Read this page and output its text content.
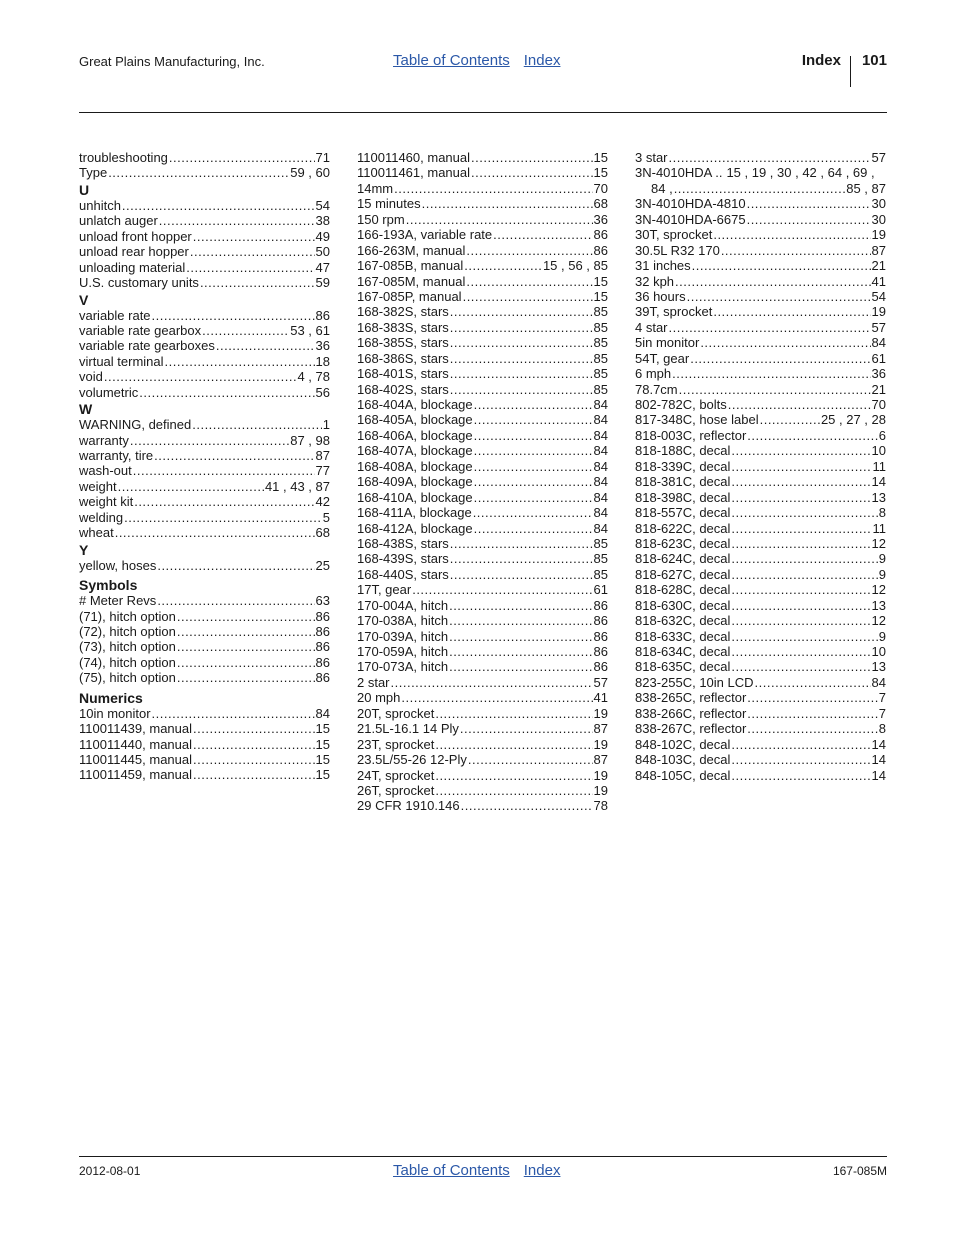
Great Plains Manufacturing, Inc.	Table of Contents Index	Index 101
troubleshooting .....	71
Type .....	59 , 60
U
unhitch .....	54
unlatch auger .....	38
unload front hopper .....	49
unload rear hopper .....	50
unloading material .....	47
U.S. customary units .....	59
V
variable rate .....	86
variable rate gearbox .....	53 , 61
variable rate gearboxes .....	36
virtual terminal .....	18
void .....	4 , 78
volumetric .....	56
W
WARNING, defined .....	1
warranty .....	87 , 98
warranty, tire .....	87
wash-out .....	77
weight .....	41 , 43 , 87
weight kit .....	42
welding .....	5
wheat .....	68
Y
yellow, hoses .....	25
Symbols
# Meter Revs .....	63
(71), hitch option .....	86
(72), hitch option .....	86
(73), hitch option .....	86
(74), hitch option .....	86
(75), hitch option .....	86
Numerics
10in monitor .....	84
110011439, manual .....	15
110011440, manual .....	15
110011445, manual .....	15
110011459, manual .....	15
110011460, manual .....	15
110011461, manual .....	15
14mm .....	70
15 minutes .....	68
150 rpm .....	36
166-193A, variable rate .....	86
166-263M, manual .....	86
167-085B, manual .....	15 , 56 , 85
167-085M, manual .....	15
167-085P, manual .....	15
168-382S, stars .....	85
168-383S, stars .....	85
168-385S, stars .....	85
168-386S, stars .....	85
168-401S, stars .....	85
168-402S, stars .....	85
168-404A, blockage .....	84
168-405A, blockage .....	84
168-406A, blockage .....	84
168-407A, blockage .....	84
168-408A, blockage .....	84
168-409A, blockage .....	84
168-410A, blockage .....	84
168-411A, blockage .....	84
168-412A, blockage .....	84
168-438S, stars .....	85
168-439S, stars .....	85
168-440S, stars .....	85
17T, gear .....	61
170-004A, hitch .....	86
170-038A, hitch .....	86
170-039A, hitch .....	86
170-059A, hitch .....	86
170-073A, hitch .....	86
2 star .....	57
20 mph .....	41
20T, sprocket .....	19
21.5L-16.1 14 Ply .....	87
23T, sprocket .....	19
23.5L/55-26 12-Ply .....	87
24T, sprocket .....	19
26T, sprocket .....	19
29 CFR 1910.146 .....	78
3 star .....	57
3N-4010HDA .. 15 , 19 , 30 , 42 , 64 , 69 ,
84 , .....	85 , 87
3N-4010HDA-4810 .....	30
3N-4010HDA-6675 .....	30
30T, sprocket .....	19
30.5L R32 170 .....	87
31 inches .....	21
32 kph .....	41
36 hours .....	54
39T, sprocket .....	19
4 star .....	57
5in monitor .....	84
54T, gear .....	61
6 mph .....	36
78.7cm .....	21
802-782C, bolts .....	70
817-348C, hose label .....	25 , 27 , 28
818-003C, reflector .....	6
818-188C, decal .....	10
818-339C, decal .....	11
818-381C, decal .....	14
818-398C, decal .....	13
818-557C, decal .....	8
818-622C, decal .....	11
818-623C, decal .....	12
818-624C, decal .....	9
818-627C, decal .....	9
818-628C, decal .....	12
818-630C, decal .....	13
818-632C, decal .....	12
818-633C, decal .....	9
818-634C, decal .....	10
818-635C, decal .....	13
823-255C, 10in LCD .....	84
838-265C, reflector .....	7
838-266C, reflector .....	7
838-267C, reflector .....	8
848-102C, decal .....	14
848-103C, decal .....	14
848-105C, decal .....	14
2012-08-01	Table of Contents Index	167-085M
